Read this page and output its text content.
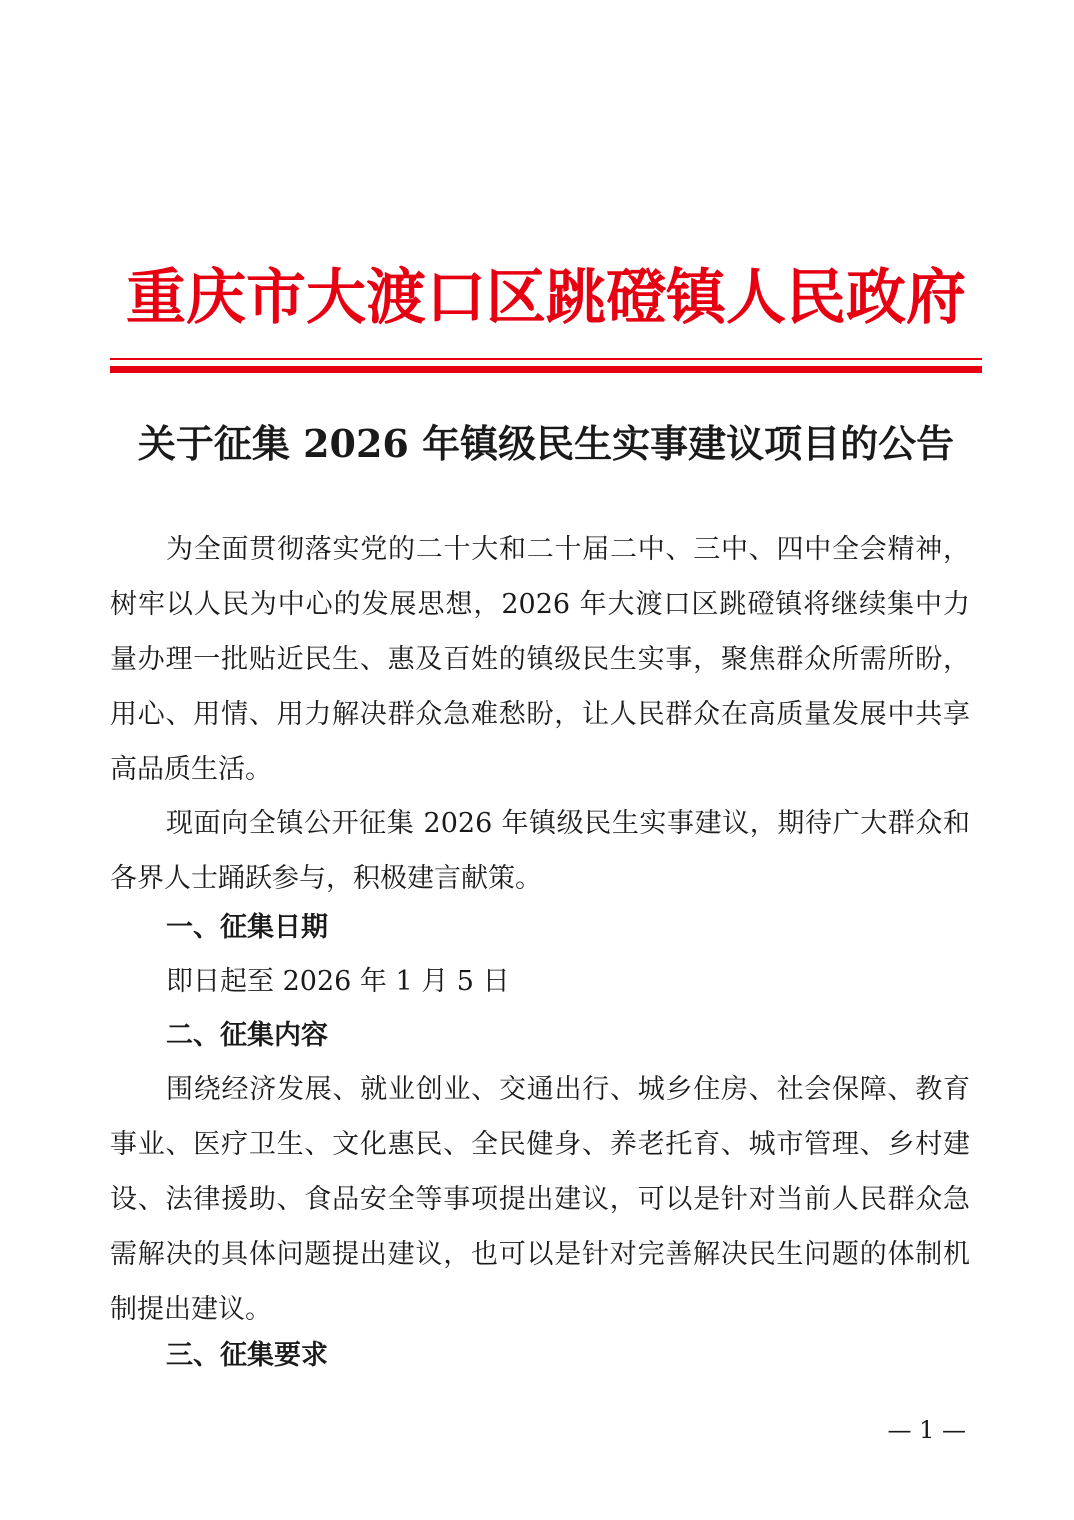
重庆市大渡口区跳磴镇人民政府
关于征集 2026 年镇级民生实事建议项目的公告
为全面贯彻落实党的二十大和二十届二中、三中、四中全会精神，树牢以人民为中心的发展思想，2026 年大渡口区跳磴镇将继续集中力量办理一批贴近民生、惠及百姓的镇级民生实事，聚焦群众所需所盼，用心、用情、用力解决群众急难愁盼，让人民群众在高质量发展中共享高品质生活。
现面向全镇公开征集 2026 年镇级民生实事建议，期待广大群众和各界人士踊跃参与，积极建言献策。
一、征集日期
即日起至 2026 年 1 月 5 日
二、征集内容
围绕经济发展、就业创业、交通出行、城乡住房、社会保障、教育事业、医疗卫生、文化惠民、全民健身、养老托育、城市管理、乡村建设、法律援助、食品安全等事项提出建议，可以是针对当前人民群众急需解决的具体问题提出建议，也可以是针对完善解决民生问题的体制机制提出建议。
三、征集要求
— 1 —
